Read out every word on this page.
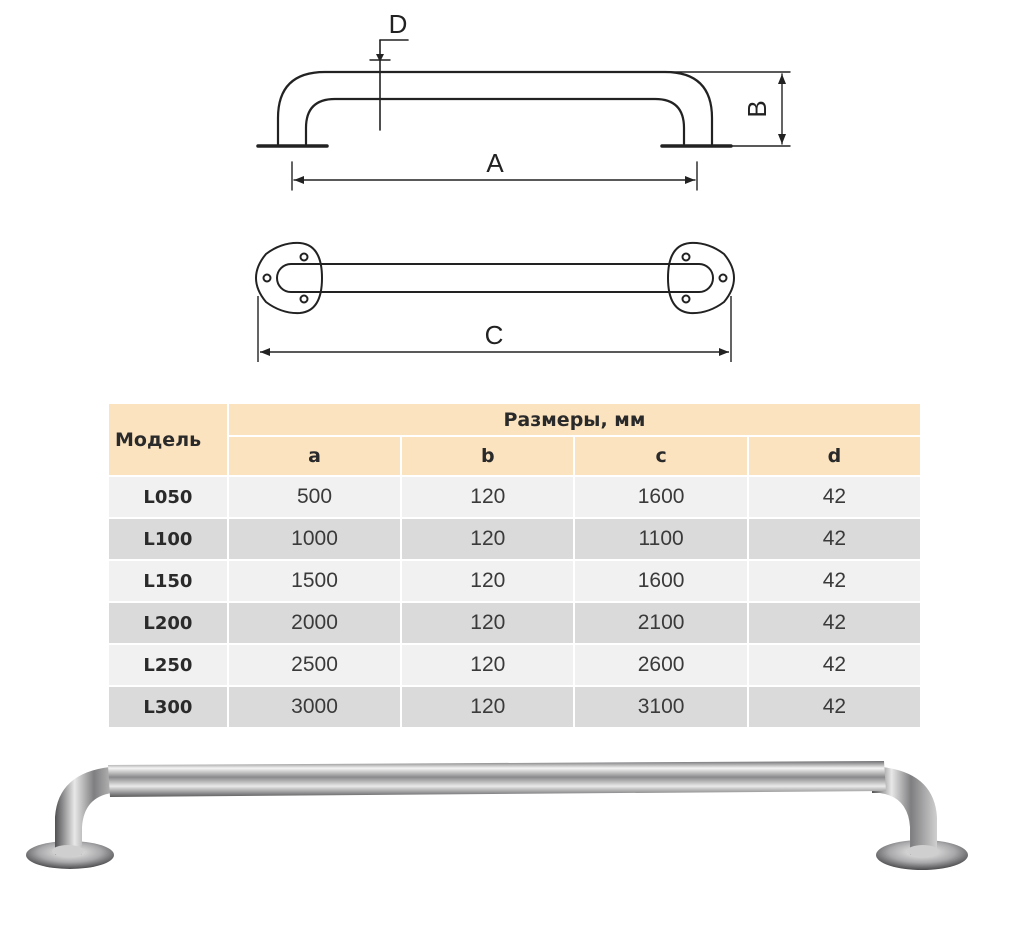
D
B
A
C
Модель	Размеры, мм			
	a	b	c	d
L050	500	120	1600	42
L100	1000	120	1100	42
L150	1500	120	1600	42
L200	2000	120	2100	42
L250	2500	120	2600	42
L300	3000	120	3100	42
